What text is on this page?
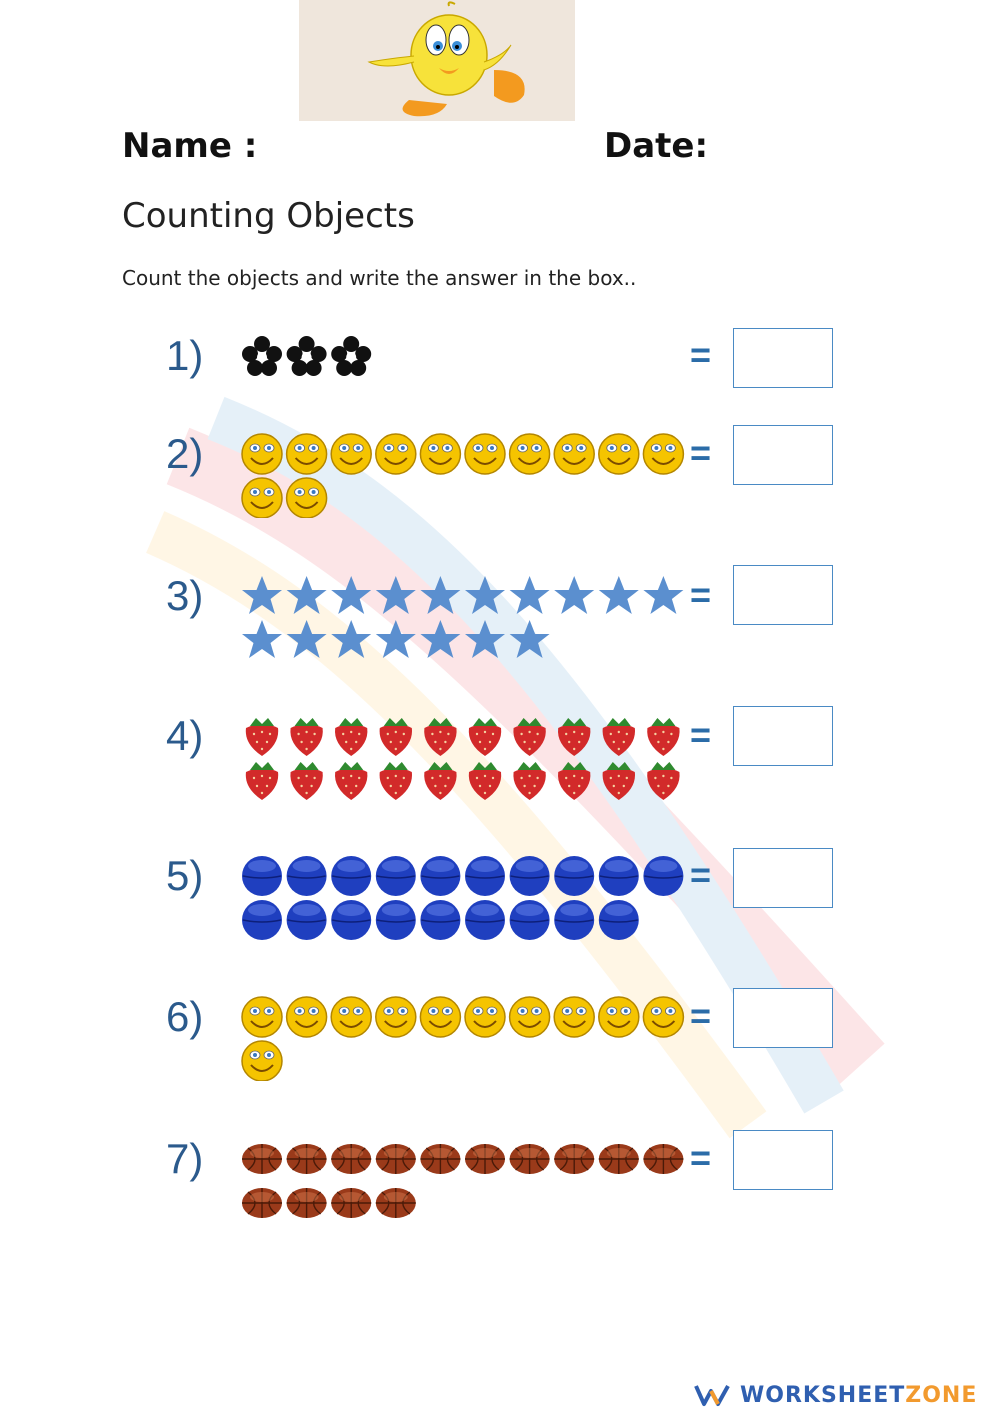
Name :	Date:
Counting Objects
Count the objects and write the answer in the box..
1)	=
2)	=
3)	=
4)	=
5)	=
6)	=
7)	=
WORKSHEETZONE
